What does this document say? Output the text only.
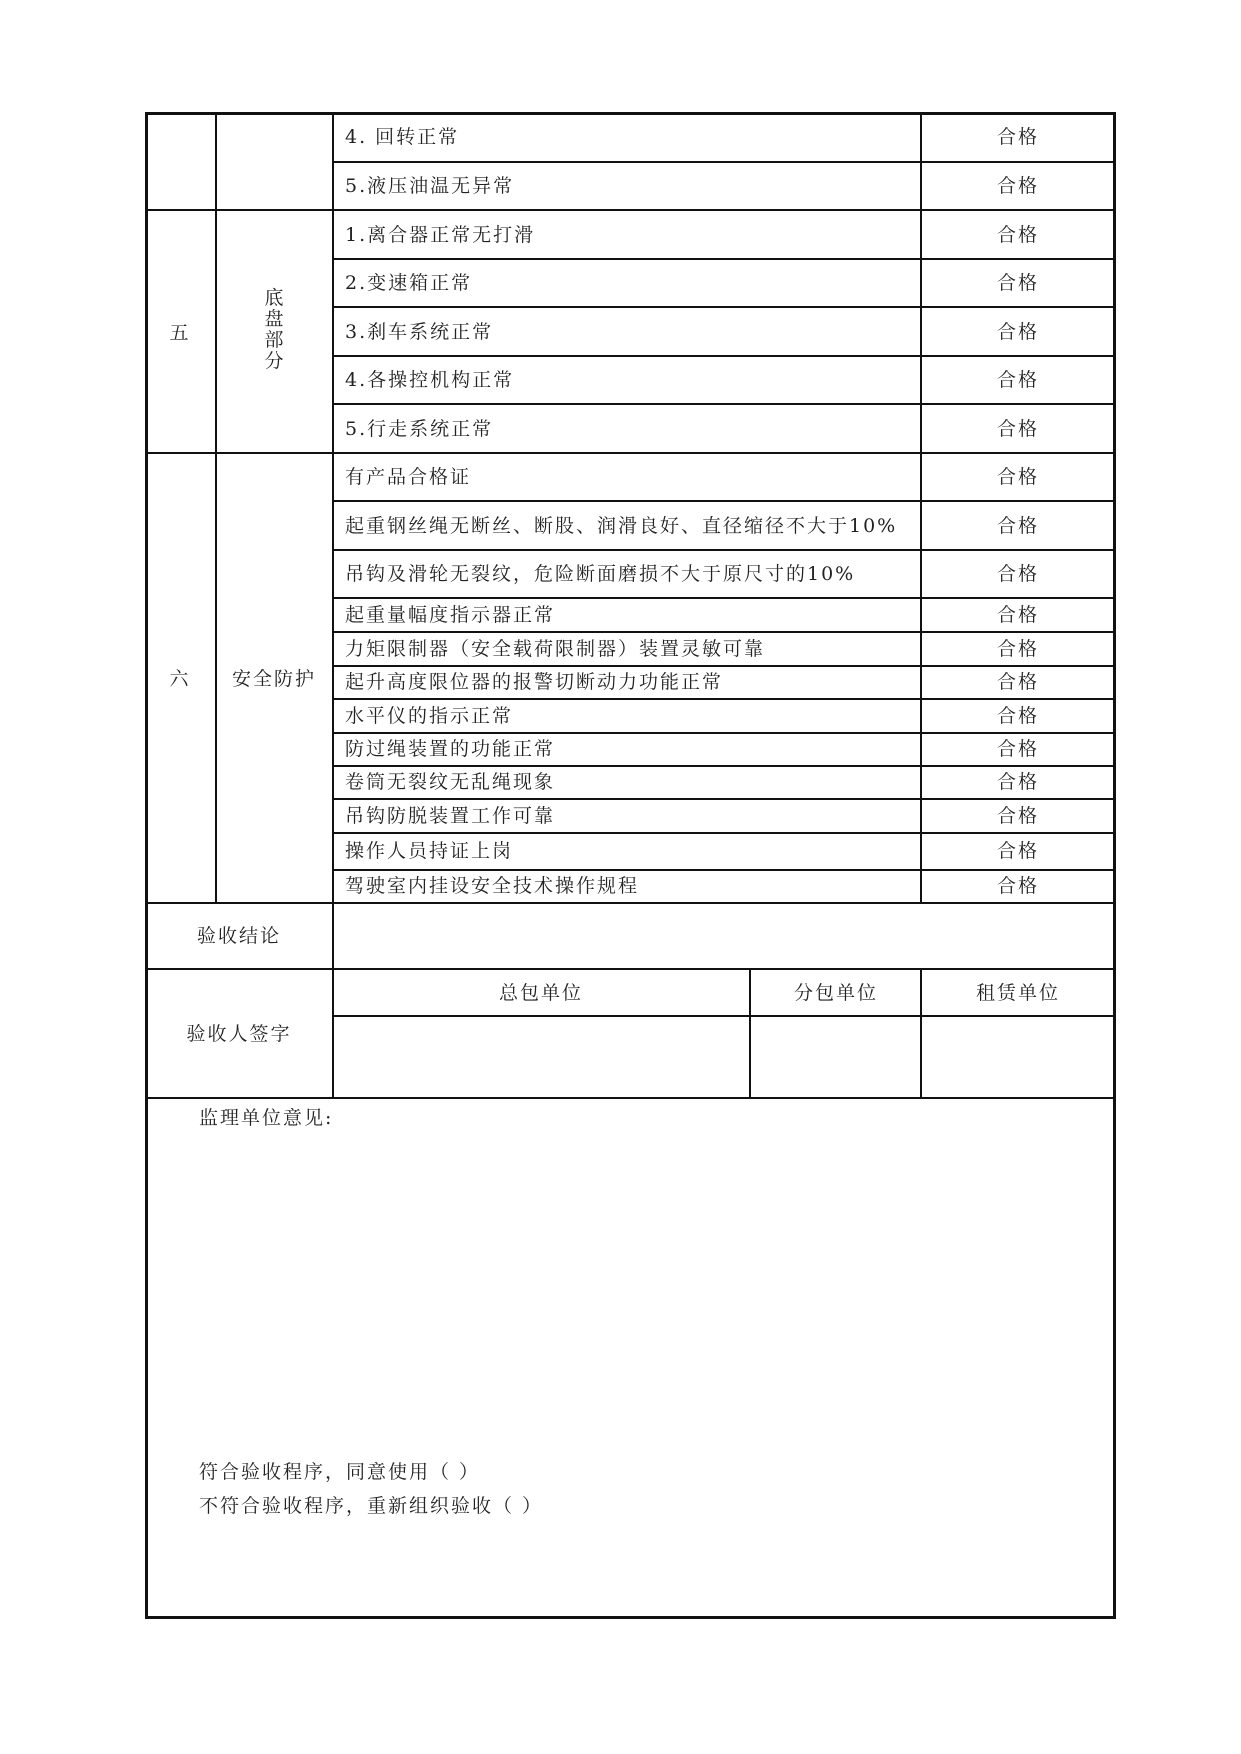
4. 回转正常	合格
5.液压油温无异常	合格
五
底盘部分
1.离合器正常无打滑	合格
2.变速箱正常	合格
3.刹车系统正常	合格
4.各操控机构正常	合格
5.行走系统正常	合格
六 安全防护
有产品合格证	合格
起重钢丝绳无断丝、断股、润滑良好、直径缩径不大于10%	合格
吊钩及滑轮无裂纹，危险断面磨损不大于原尺寸的10%	合格
起重量幅度指示器正常	合格
力矩限制器（安全载荷限制器）装置灵敏可靠	合格
起升高度限位器的报警切断动力功能正常	合格
水平仪的指示正常	合格
防过绳装置的功能正常	合格
卷筒无裂纹无乱绳现象	合格
吊钩防脱装置工作可靠	合格
操作人员持证上岗	合格
驾驶室内挂设安全技术操作规程	合格
验收结论
验收人签字
总包单位	分包单位	租赁单位
监理单位意见:
符合验收程序，同意使用（ ）
不符合验收程序，重新组织验收（ ）
